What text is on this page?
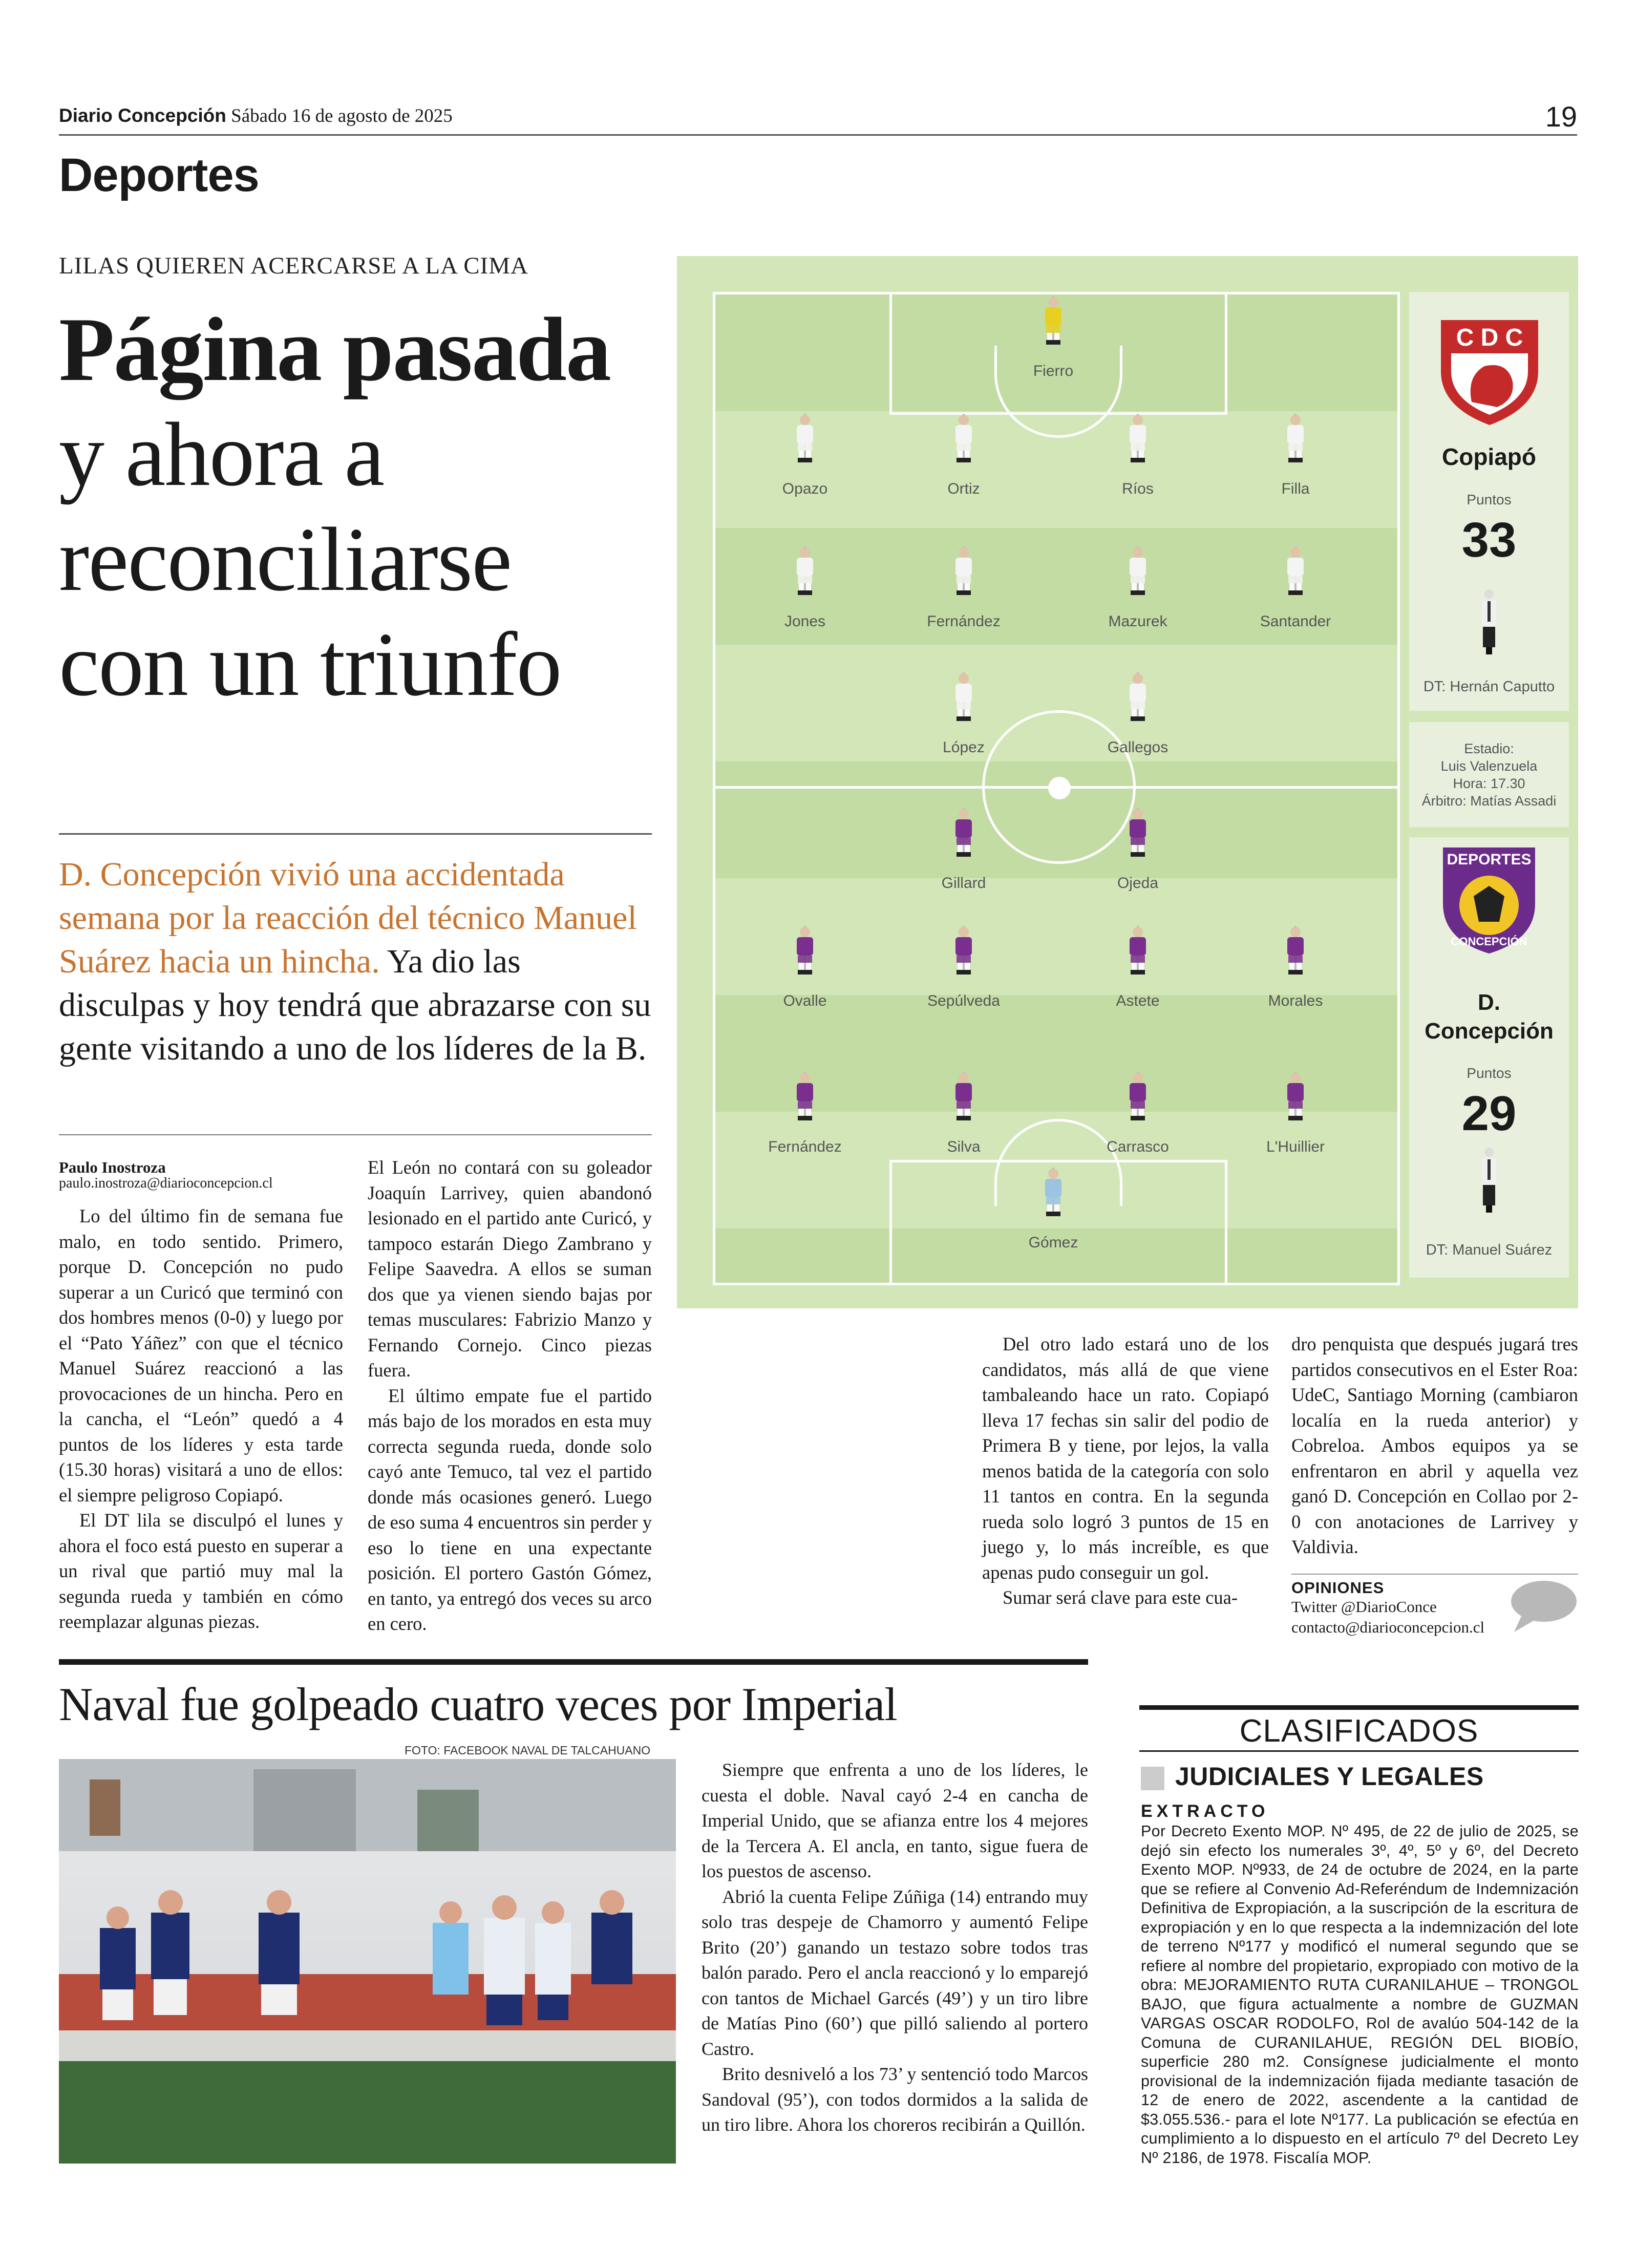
Diario Concepción Sábado 16 de agosto de 2025	19
Deportes
LILAS QUIEREN ACERCARSE A LA CIMA
Página pasada y ahora a reconciliarse con un triunfo
D. Concepción vivió una accidentada semana por la reacción del técnico Manuel Suárez hacia un hincha. Ya dio las disculpas y hoy tendrá que abrazarse con su gente visitando a uno de los líderes de la B.
Paulo Inostroza
paulo.inostroza@diarioconcepcion.cl

Lo del último fin de semana fue malo, en todo sentido. Primero, porque D. Concepción no pudo superar a un Curicó que terminó con dos hombres menos (0-0) y luego por el “Pato Yáñez” con que el técnico Manuel Suárez reaccionó a las provocaciones de un hincha. Pero en la cancha, el “León” quedó a 4 puntos de los líderes y esta tarde (15.30 horas) visitará a uno de ellos: el siempre peligroso Copiapó.

El DT lila se disculpó el lunes y ahora el foco está puesto en superar a un rival que partió muy mal la segunda rueda y también en cómo reemplazar algunas piezas.

El León no contará con su goleador Joaquín Larrivey, quien abandonó lesionado en el partido ante Curicó, y tampoco estarán Diego Zambrano y Felipe Saavedra. A ellos se suman dos que ya vienen siendo bajas por temas musculares: Fabrizio Manzo y Fernando Cornejo. Cinco piezas fuera.

El último empate fue el partido más bajo de los morados en esta muy correcta segunda rueda, donde solo cayó ante Temuco, tal vez el partido donde más ocasiones generó. Luego de eso suma 4 encuentros sin perder y eso lo tiene en una expectante posición. El portero Gastón Gómez, en tanto, ya entregó dos veces su arco en cero.

Del otro lado estará uno de los candidatos, más allá de que viene tambaleando hace un rato. Copiapó lleva 17 fechas sin salir del podio de Primera B y tiene, por lejos, la valla menos batida de la categoría con solo 11 tantos en contra. En la segunda rueda solo logró 3 puntos de 15 en juego y, lo más increíble, es que apenas pudo conseguir un gol.

Sumar será clave para este cua-

dro penquista que después jugará tres partidos consecutivos en el Ester Roa: UdeC, Santiago Morning (cambiaron localía en la rueda anterior) y Cobreloa. Ambos equipos ya se enfrentaron en abril y aquella vez ganó D. Concepción en Collao por 2-0 con anotaciones de Larrivey y Valdivia.

OPINIONES
Twitter @DiarioConce
contacto@diarioconcepcion.cl
Fierro
Opazo	Ortiz	Ríos	Filla
Jones	Fernández	Mazurek	Santander
López	Gallegos
Gillard	Ojeda
Ovalle	Sepúlveda	Astete	Morales
Fernández	Silva	Carrasco	L'Huillier
Gómez
C D C
Copiapó
Puntos
33
DT: Hernán Caputto
Estadio:
Luis Valenzuela
Hora: 17.30
Árbitro: Matías Assadi
DEPORTES
CONCEPCIÓN
D.
Concepción
Puntos
29
DT: Manuel Suárez
Naval fue golpeado cuatro veces por Imperial
FOTO: FACEBOOK NAVAL DE TALCAHUANO

Siempre que enfrenta a uno de los líderes, le cuesta el doble. Naval cayó 2-4 en cancha de Imperial Unido, que se afianza entre los 4 mejores de la Tercera A. El ancla, en tanto, sigue fuera de los puestos de ascenso.

Abrió la cuenta Felipe Zúñiga (14) entrando muy solo tras despeje de Chamorro y aumentó Felipe Brito (20’) ganando un testazo sobre todos tras balón parado. Pero el ancla reaccionó y lo emparejó con tantos de Michael Garcés (49’) y un tiro libre de Matías Pino (60’) que pilló saliendo al portero Castro.

Brito desniveló a los 73’ y sentenció todo Marcos Sandoval (95’), con todos dormidos a la salida de un tiro libre. Ahora los choreros recibirán a Quillón.

CLASIFICADOS
JUDICIALES Y LEGALES
EXTRACTO
Por Decreto Exento MOP. Nº 495, de 22 de julio de 2025, se dejó sin efecto los numerales 3º, 4º, 5º y 6º, del Decreto Exento MOP. Nº933, de 24 de octubre de 2024, en la parte que se refiere al Convenio Ad-Referéndum de Indemnización Definitiva de Expropiación, a la suscripción de la escritura de expropiación y en lo que respecta a la indemnización del lote de terreno Nº177 y modificó el numeral segundo que se refiere al nombre del propietario, expropiado con motivo de la obra: MEJORAMIENTO RUTA CURANILAHUE – TRONGOL BAJO, que figura actualmente a nombre de GUZMAN VARGAS OSCAR RODOLFO, Rol de avalúo 504-142 de la Comuna de CURANILAHUE, REGIÓN DEL BIOBÍO, superficie 280 m2. Consígnese judicialmente el monto provisional de la indemnización fijada mediante tasación de 12 de enero de 2022, ascendente a la cantidad de $3.055.536.- para el lote Nº177. La publicación se efectúa en cumplimiento a lo dispuesto en el artículo 7º del Decreto Ley Nº 2186, de 1978. Fiscalía MOP.
